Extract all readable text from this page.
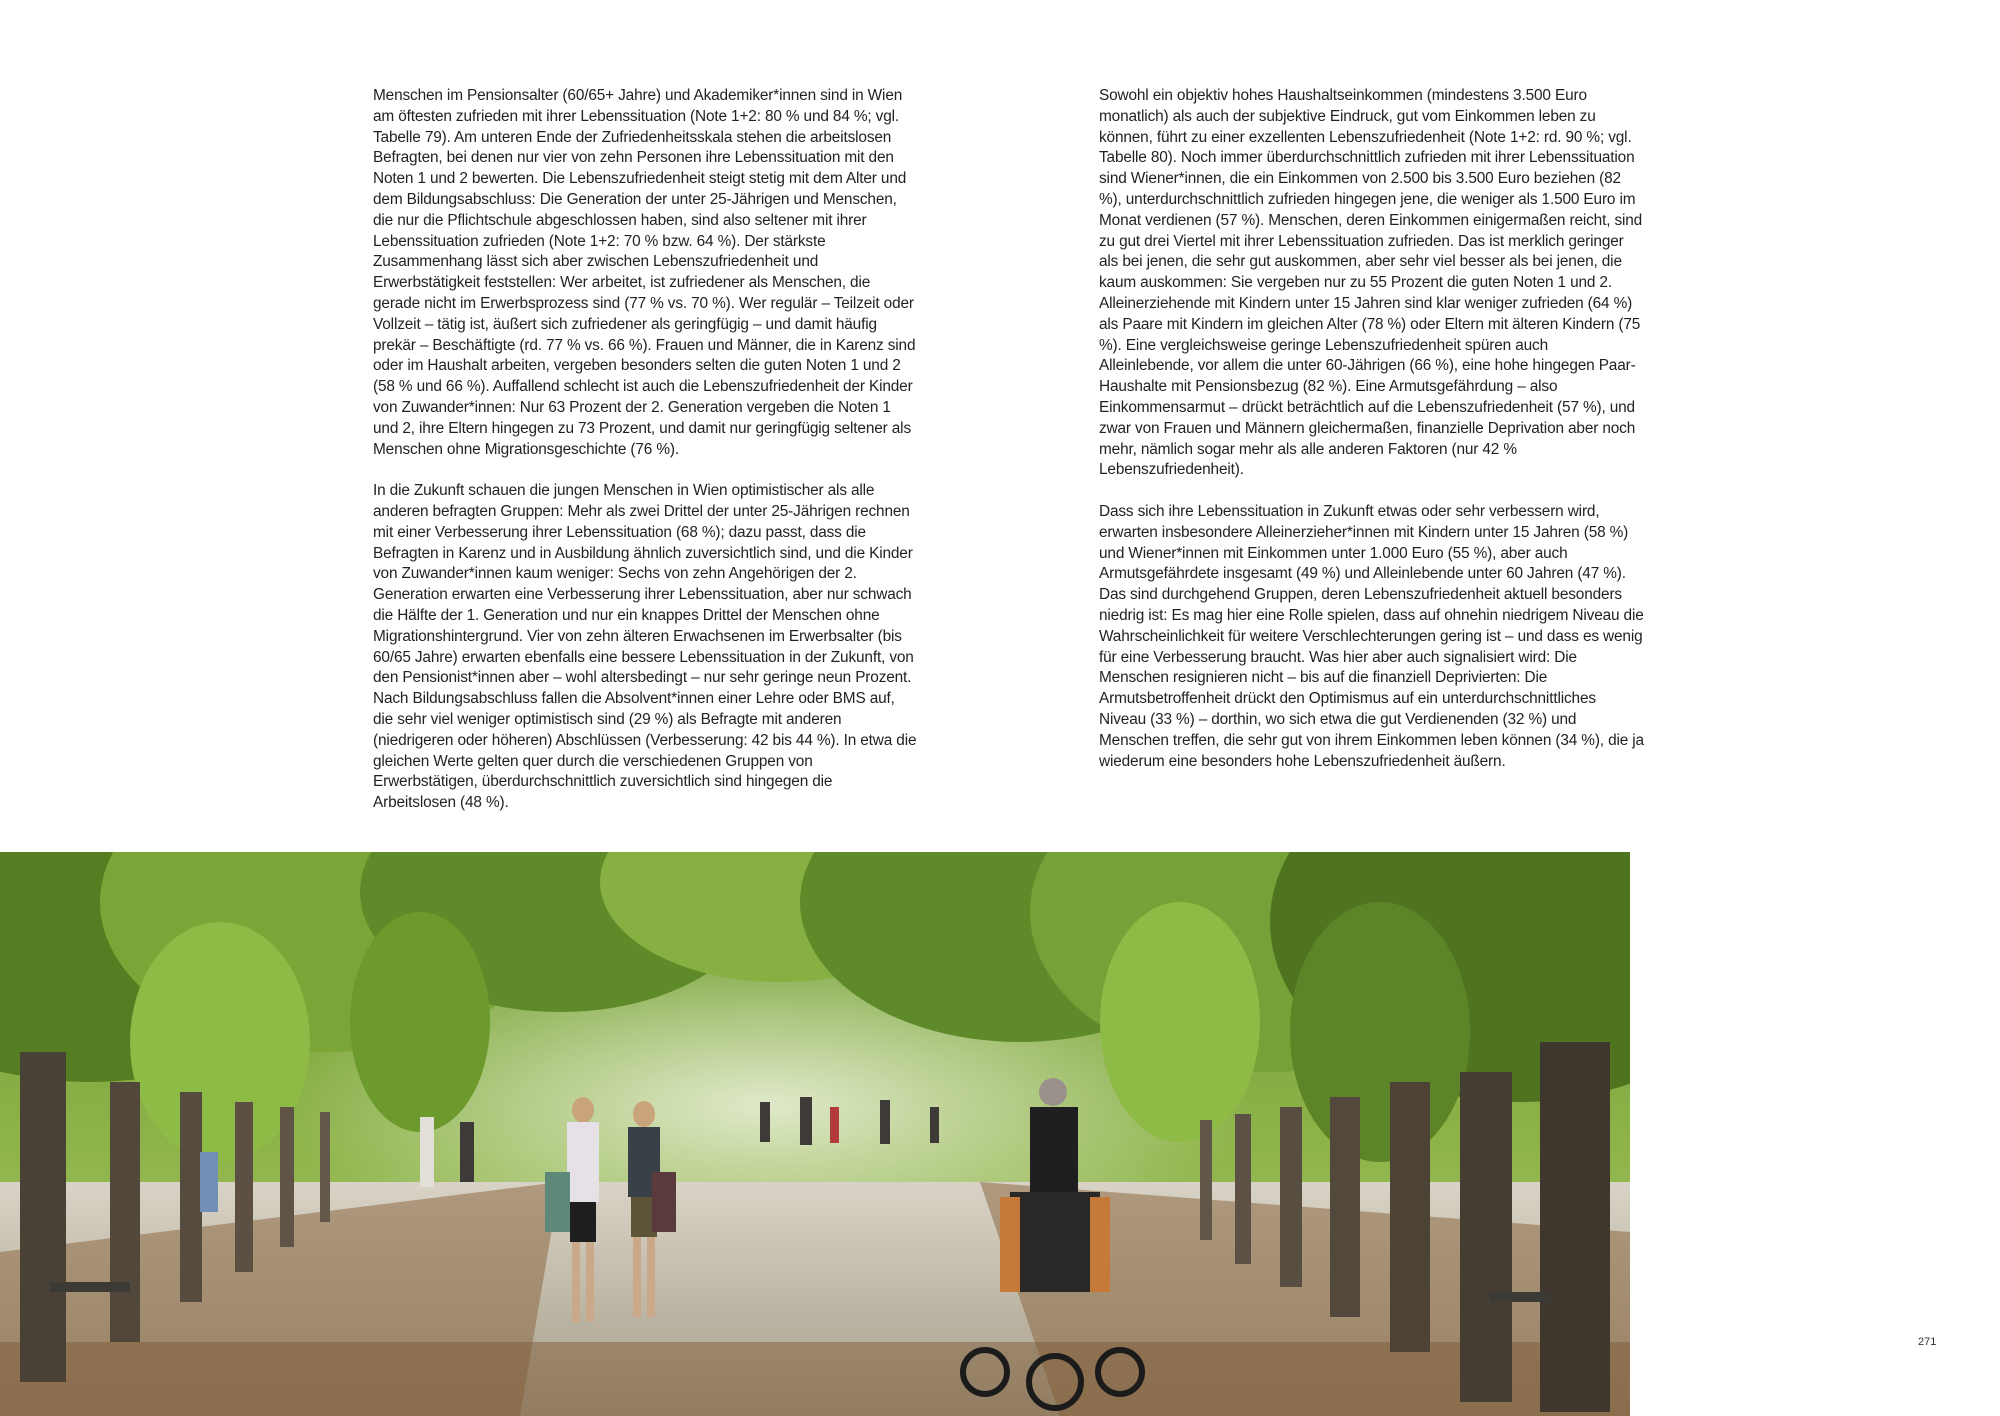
Menschen im Pensionsalter (60/65+ Jahre) und Akademiker*innen sind in Wien am öftesten zufrieden mit ihrer Lebenssituation (Note 1+2: 80 % und 84 %; vgl. Tabelle 79). Am unteren Ende der Zufriedenheitsskala stehen die arbeitslosen Befragten, bei denen nur vier von zehn Personen ihre Lebenssituation mit den Noten 1 und 2 bewerten. Die Lebenszufriedenheit steigt stetig mit dem Alter und dem Bildungsabschluss: Die Generation der unter 25-Jährigen und Menschen, die nur die Pflichtschule abgeschlossen haben, sind also seltener mit ihrer Lebenssituation zufrieden (Note 1+2: 70 % bzw. 64 %). Der stärkste Zusammenhang lässt sich aber zwischen Lebenszufriedenheit und Erwerbstätigkeit feststellen: Wer arbeitet, ist zufriedener als Menschen, die gerade nicht im Erwerbsprozess sind (77 % vs. 70 %). Wer regulär – Teilzeit oder Vollzeit – tätig ist, äußert sich zufriedener als geringfügig – und damit häufig prekär – Beschäftigte (rd. 77 % vs. 66 %). Frauen und Männer, die in Karenz sind oder im Haushalt arbeiten, vergeben besonders selten die guten Noten 1 und 2 (58 % und 66 %). Auffallend schlecht ist auch die Lebenszufriedenheit der Kinder von Zuwander*innen: Nur 63 Prozent der 2. Generation vergeben die Noten 1 und 2, ihre Eltern hingegen zu 73 Prozent, und damit nur geringfügig seltener als Menschen ohne Migrationsgeschichte (76 %).

In die Zukunft schauen die jungen Menschen in Wien optimistischer als alle anderen befragten Gruppen: Mehr als zwei Drittel der unter 25-Jährigen rechnen mit einer Verbesserung ihrer Lebenssituation (68 %); dazu passt, dass die Befragten in Karenz und in Ausbildung ähnlich zuversichtlich sind, und die Kinder von Zuwander*innen kaum weniger: Sechs von zehn Angehörigen der 2. Generation erwarten eine Verbesserung ihrer Lebenssituation, aber nur schwach die Hälfte der 1. Generation und nur ein knappes Drittel der Menschen ohne Migrationshintergrund. Vier von zehn älteren Erwachsenen im Erwerbsalter (bis 60/65 Jahre) erwarten ebenfalls eine bessere Lebenssituation in der Zukunft, von den Pensionist*innen aber – wohl altersbedingt – nur sehr geringe neun Prozent. Nach Bildungsabschluss fallen die Absolvent*innen einer Lehre oder BMS auf, die sehr viel weniger optimistisch sind (29 %) als Befragte mit anderen (niedrigeren oder höheren) Abschlüssen (Verbesserung: 42 bis 44 %). In etwa die gleichen Werte gelten quer durch die verschiedenen Gruppen von Erwerbstätigen, überdurchschnittlich zuversichtlich sind hingegen die Arbeitslosen (48 %).

Sowohl ein objektiv hohes Haushaltseinkommen (mindestens 3.500 Euro monatlich) als auch der subjektive Eindruck, gut vom Einkommen leben zu können, führt zu einer exzellenten Lebenszufriedenheit (Note 1+2: rd. 90 %; vgl. Tabelle 80). Noch immer überdurchschnittlich zufrieden mit ihrer Lebenssituation sind Wiener*innen, die ein Einkommen von 2.500 bis 3.500 Euro beziehen (82 %), unterdurchschnittlich zufrieden hingegen jene, die weniger als 1.500 Euro im Monat verdienen (57 %). Menschen, deren Einkommen einigermaßen reicht, sind zu gut drei Viertel mit ihrer Lebenssituation zufrieden. Das ist merklich geringer als bei jenen, die sehr gut auskommen, aber sehr viel besser als bei jenen, die kaum auskommen: Sie vergeben nur zu 55 Prozent die guten Noten 1 und 2. Alleinerziehende mit Kindern unter 15 Jahren sind klar weniger zufrieden (64 %) als Paare mit Kindern im gleichen Alter (78 %) oder Eltern mit älteren Kindern (75 %). Eine vergleichsweise geringe Lebenszufriedenheit spüren auch Alleinlebende, vor allem die unter 60-Jährigen (66 %), eine hohe hingegen Paar-Haushalte mit Pensionsbezug (82 %). Eine Armutsgefährdung – also Einkommensarmut – drückt beträchtlich auf die Lebenszufriedenheit (57 %), und zwar von Frauen und Männern gleichermaßen, finanzielle Deprivation aber noch mehr, nämlich sogar mehr als alle anderen Faktoren (nur 42 % Lebenszufriedenheit).

Dass sich ihre Lebenssituation in Zukunft etwas oder sehr verbessern wird, erwarten insbesondere Alleinerzieher*innen mit Kindern unter 15 Jahren (58 %) und Wiener*innen mit Einkommen unter 1.000 Euro (55 %), aber auch Armutsgefährdete insgesamt (49 %) und Alleinlebende unter 60 Jahren (47 %). Das sind durchgehend Gruppen, deren Lebenszufriedenheit aktuell besonders niedrig ist: Es mag hier eine Rolle spielen, dass auf ohnehin niedrigem Niveau die Wahrscheinlichkeit für weitere Verschlechterungen gering ist – und dass es wenig für eine Verbesserung braucht. Was hier aber auch signalisiert wird: Die Menschen resignieren nicht – bis auf die finanziell Deprivierten: Die Armutsbetroffenheit drückt den Optimismus auf ein unterdurchschnittliches Niveau (33 %) – dorthin, wo sich etwa die gut Verdienenden (32 %) und Menschen treffen, die sehr gut von ihrem Einkommen leben können (34 %), die ja wiederum eine besonders hohe Lebenszufriedenheit äußern.

271
